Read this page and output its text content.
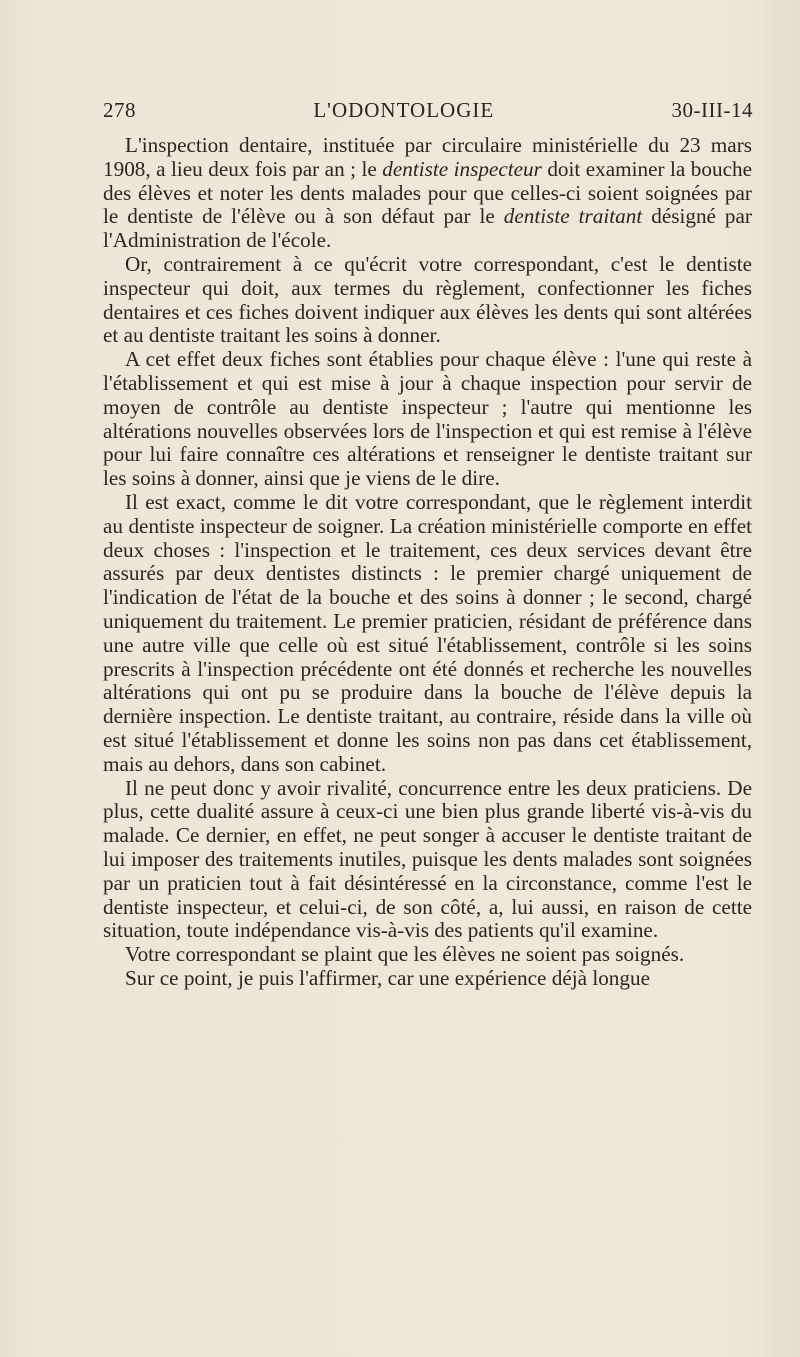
278	L'ODONTOLOGIE	30-III-14

L'inspection dentaire, instituée par circulaire ministérielle du 23 mars 1908, a lieu deux fois par an ; le dentiste inspecteur doit examiner la bouche des élèves et noter les dents malades pour que celles-ci soient soignées par le dentiste de l'élève ou à son défaut par le dentiste traitant désigné par l'Administration de l'école.

Or, contrairement à ce qu'écrit votre correspondant, c'est le dentiste inspecteur qui doit, aux termes du règlement, confectionner les fiches dentaires et ces fiches doivent indiquer aux élèves les dents qui sont altérées et au dentiste traitant les soins à donner.

A cet effet deux fiches sont établies pour chaque élève : l'une qui reste à l'établissement et qui est mise à jour à chaque inspection pour servir de moyen de contrôle au dentiste inspecteur ; l'autre qui mentionne les altérations nouvelles observées lors de l'inspection et qui est remise à l'élève pour lui faire connaître ces altérations et renseigner le dentiste traitant sur les soins à donner, ainsi que je viens de le dire.

Il est exact, comme le dit votre correspondant, que le règlement interdit au dentiste inspecteur de soigner. La création ministérielle comporte en effet deux choses : l'inspection et le traitement, ces deux services devant être assurés par deux dentistes distincts : le premier chargé uniquement de l'indication de l'état de la bouche et des soins à donner ; le second, chargé uniquement du traitement. Le premier praticien, résidant de préférence dans une autre ville que celle où est situé l'établissement, contrôle si les soins prescrits à l'inspection précédente ont été donnés et recherche les nouvelles altérations qui ont pu se produire dans la bouche de l'élève depuis la dernière inspection. Le dentiste traitant, au contraire, réside dans la ville où est situé l'établissement et donne les soins non pas dans cet établissement, mais au dehors, dans son cabinet.

Il ne peut donc y avoir rivalité, concurrence entre les deux praticiens. De plus, cette dualité assure à ceux-ci une bien plus grande liberté vis-à-vis du malade. Ce dernier, en effet, ne peut songer à accuser le dentiste traitant de lui imposer des traitements inutiles, puisque les dents malades sont soignées par un praticien tout à fait désintéressé en la circonstance, comme l'est le dentiste inspecteur, et celui-ci, de son côté, a, lui aussi, en raison de cette situation, toute indépendance vis-à-vis des patients qu'il examine.

Votre correspondant se plaint que les élèves ne soient pas soignés.

Sur ce point, je puis l'affirmer, car une expérience déjà longue
